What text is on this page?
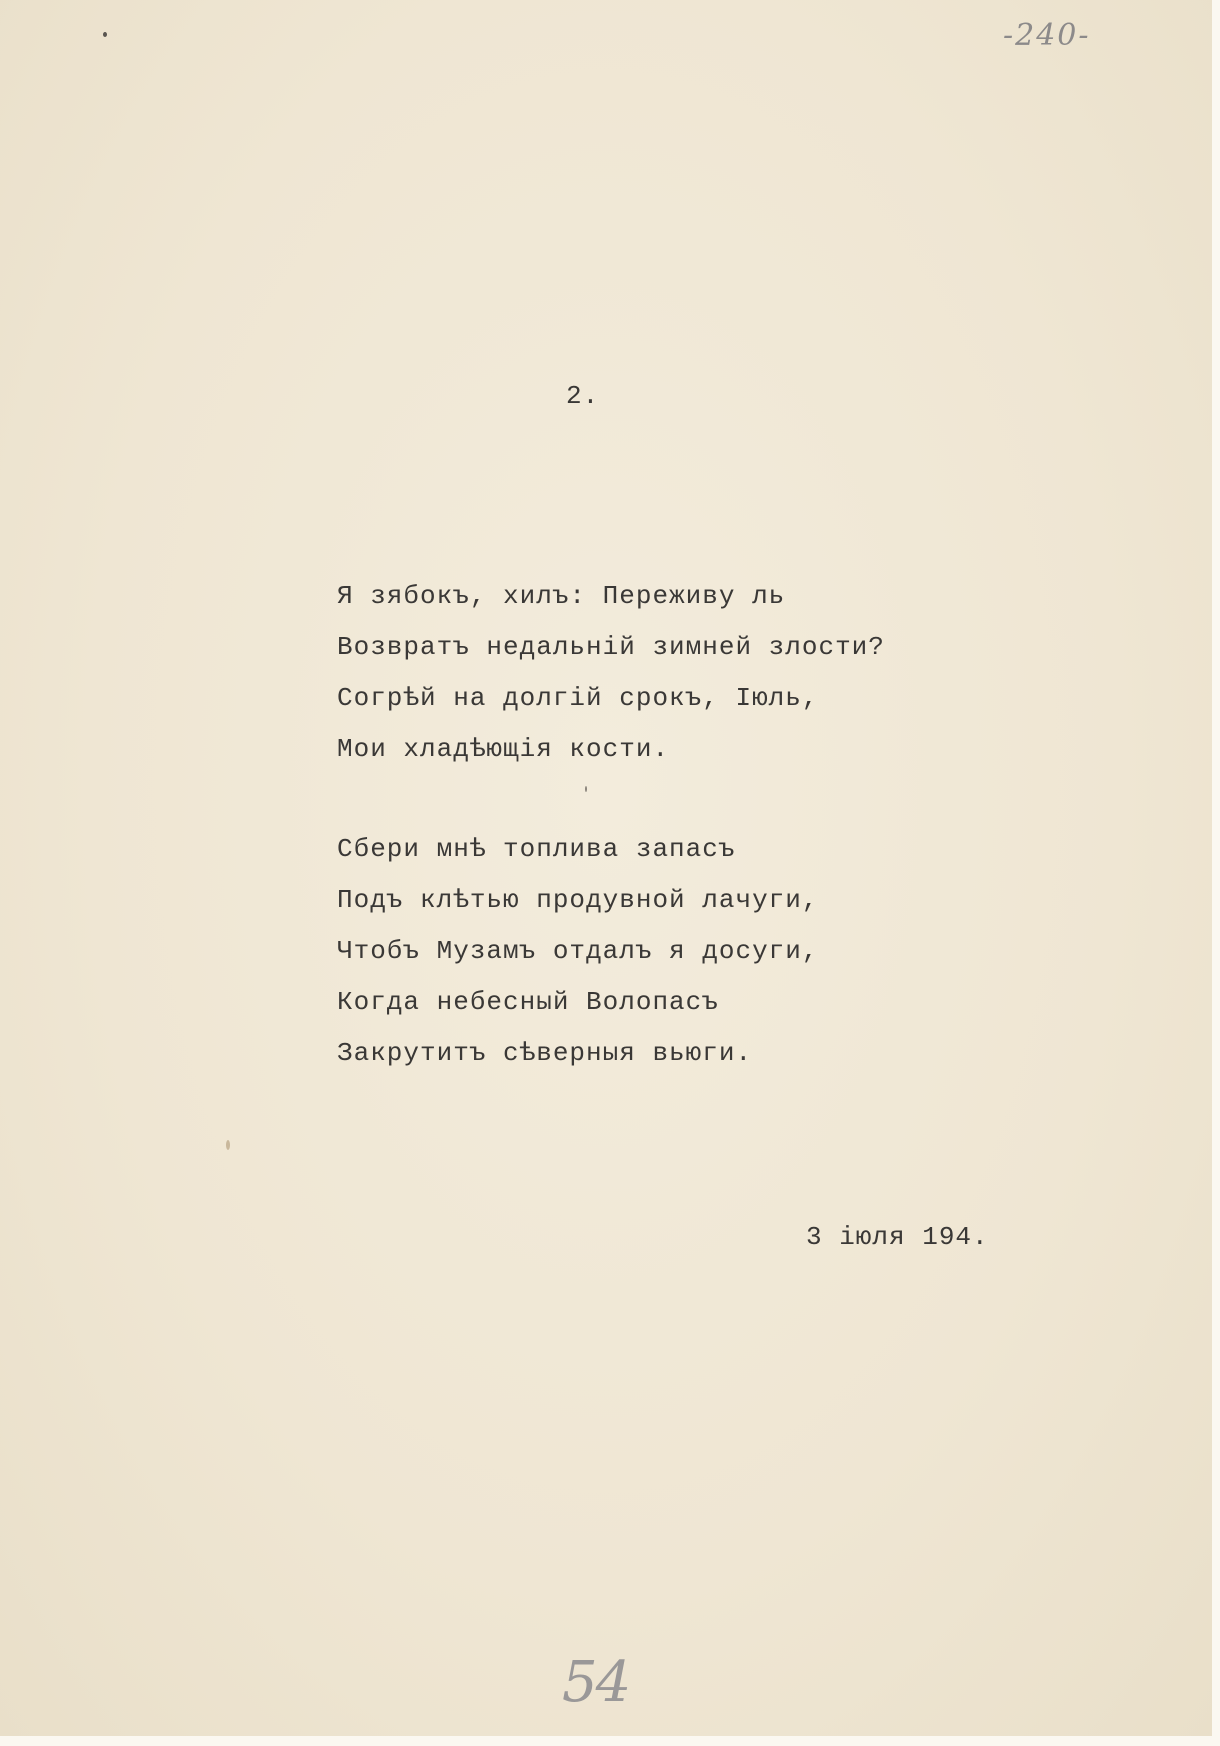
-240-
2.
Я зябокъ, хилъ: Переживу ль
Возвратъ недальній зимней злости?
Согрѣй на долгій срокъ, Іюль,
Мои хладѣющія кости.
Сбери мнѣ топлива запасъ
Подъ клѣтью продувной лачуги,
Чтобъ Музамъ отдалъ я досуги,
Когда небесный Волопасъ
Закрутитъ сѣверныя вьюги.
3 іюля 194.
54
